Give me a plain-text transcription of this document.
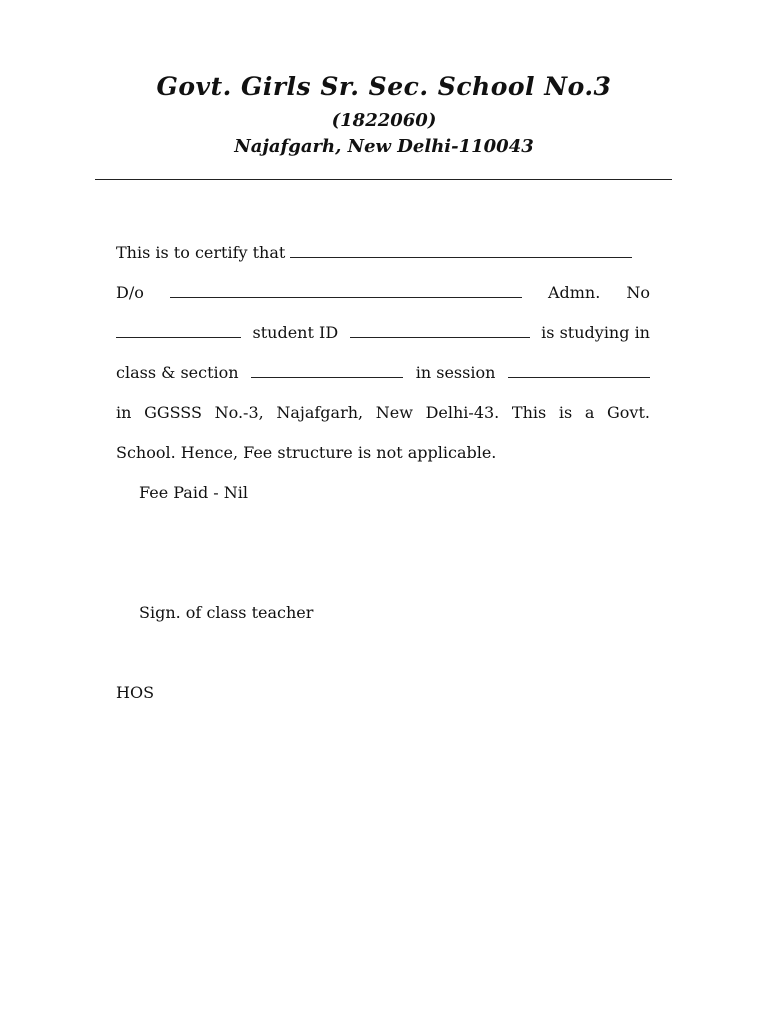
Govt. Girls Sr. Sec. School No.3
(1822060)
Najafgarh, New Delhi-110043
This is to certify that
D/o	Admn. No
student ID	is studying in
class & section	in session
in GGSSS No.-3, Najafgarh, New Delhi-43. This is a Govt.
School. Hence, Fee structure is not applicable.
Fee Paid - Nil
Sign. of class teacher
HOS
